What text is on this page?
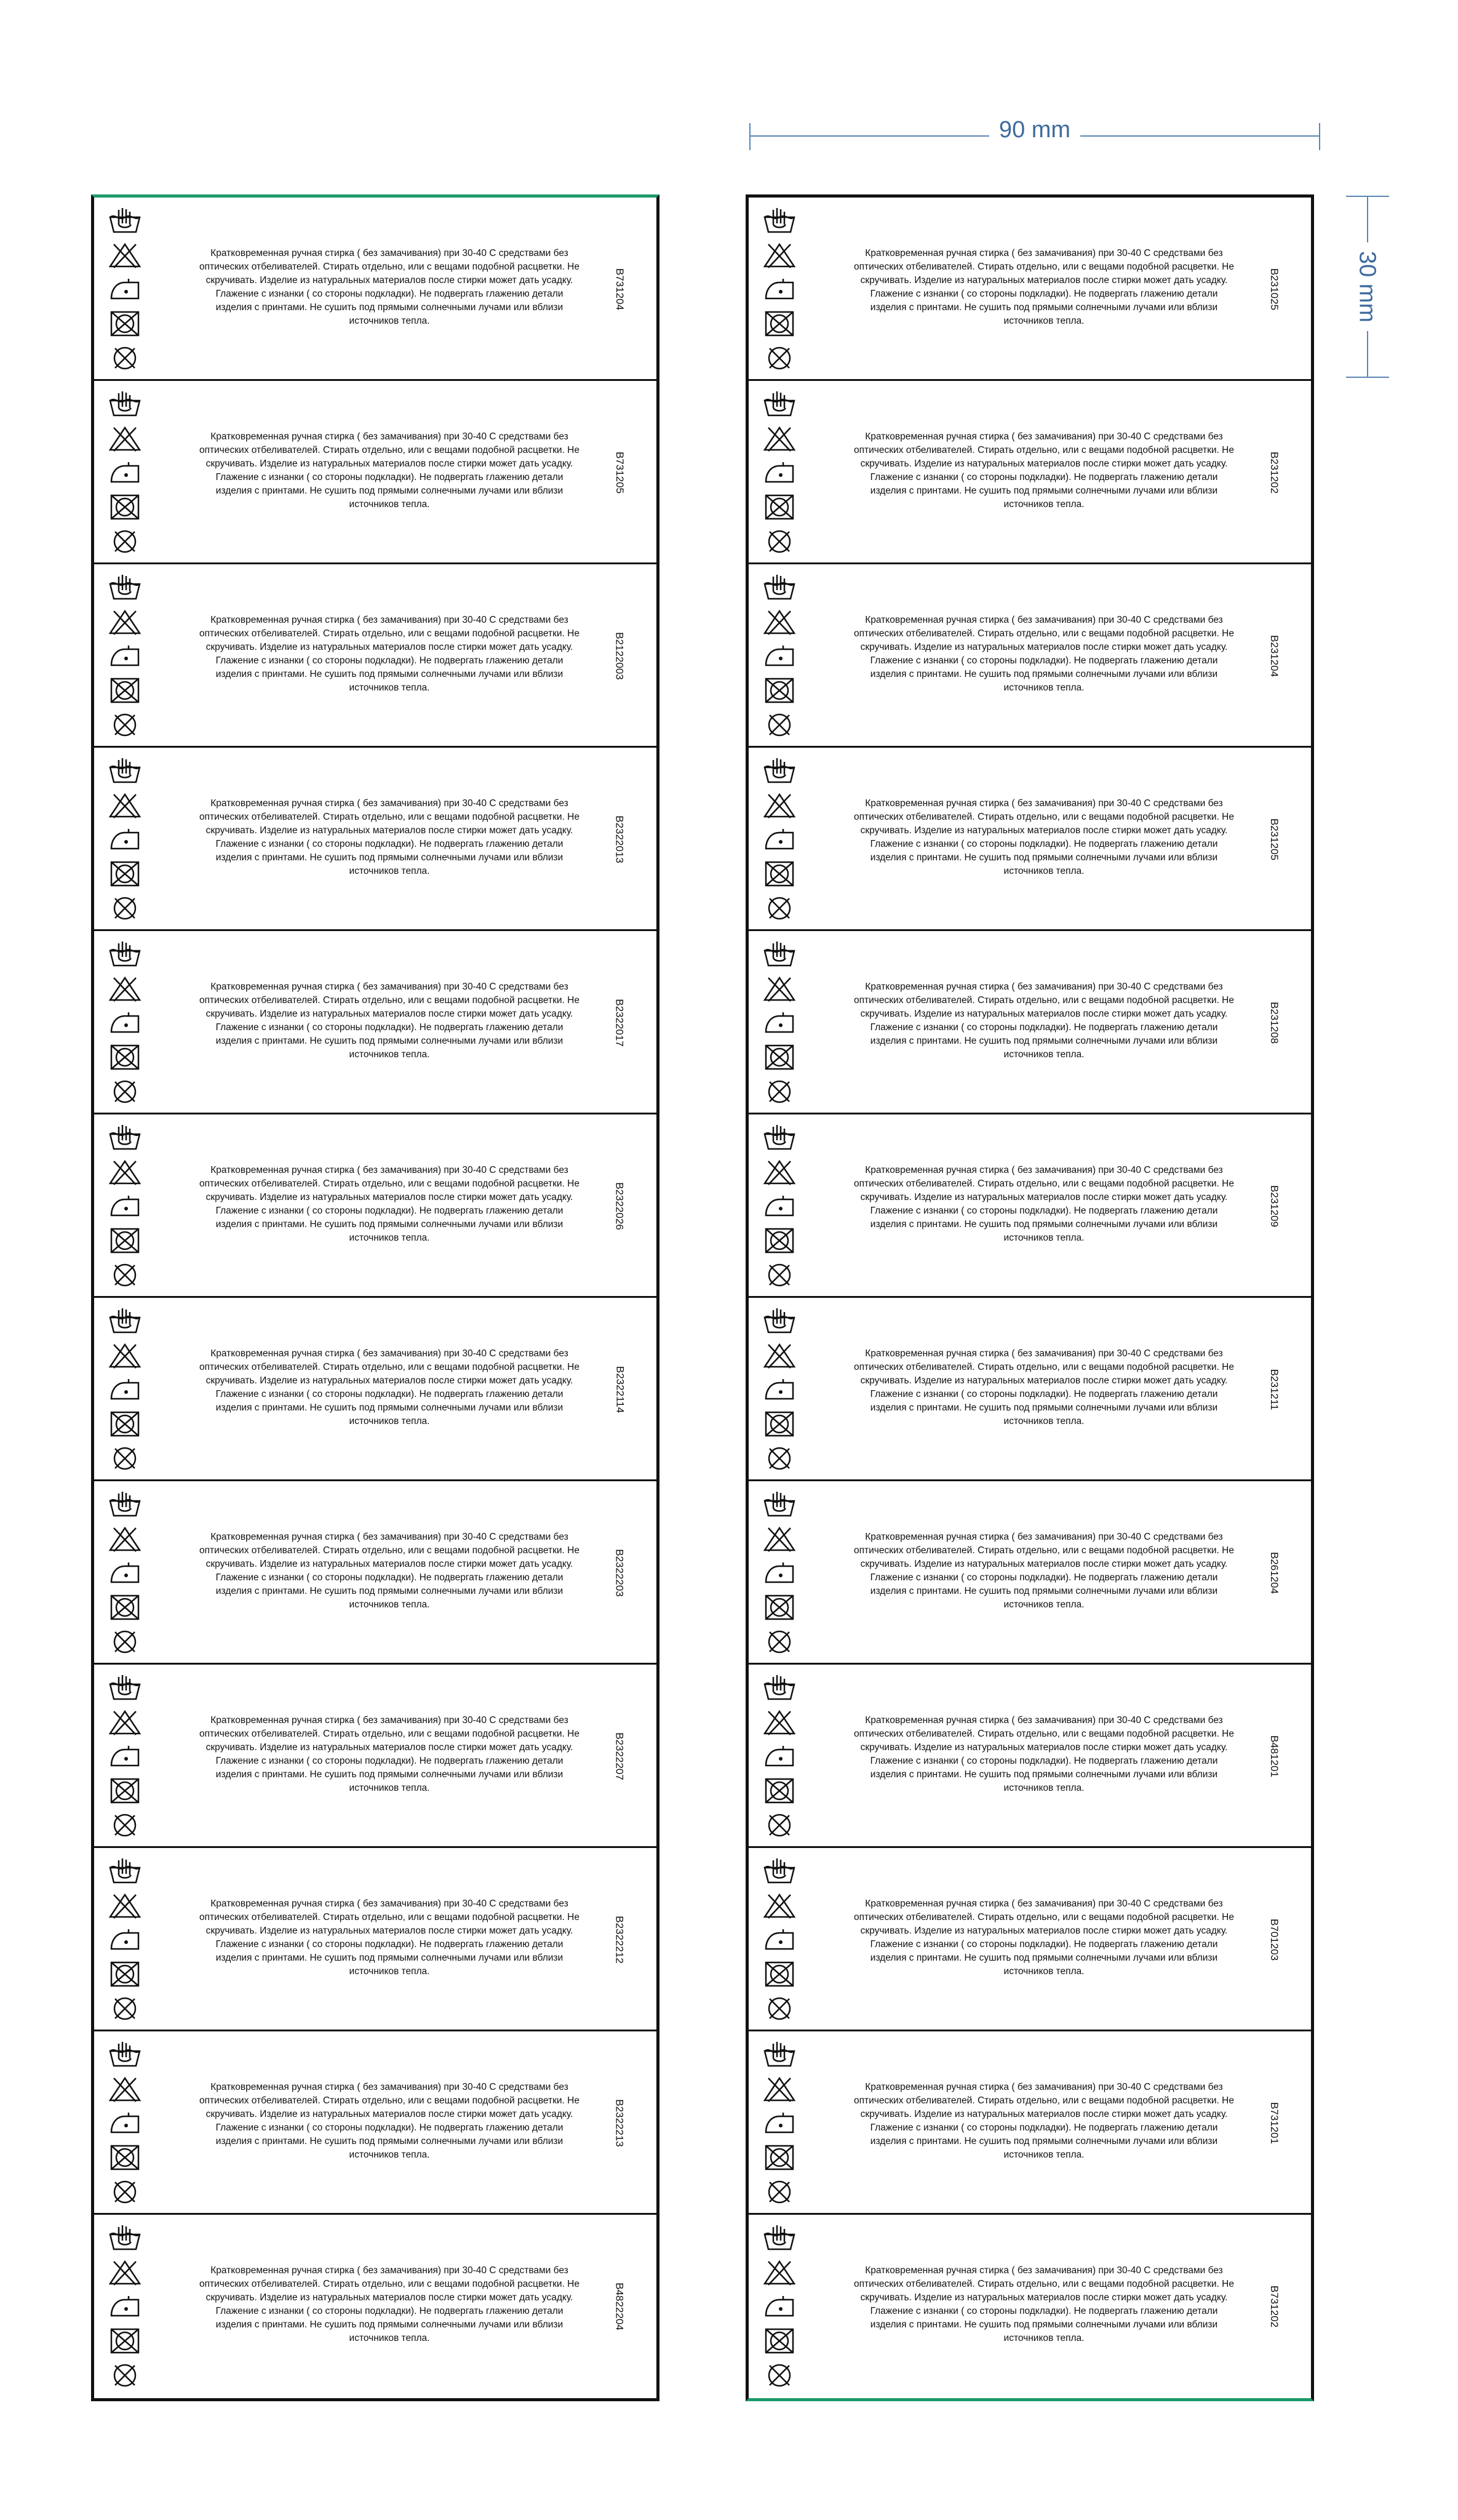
90 mm
30 mm
Кратковременная ручная стирка ( без замачивания) при 30-40 С средствами без оптических отбеливателей. Стирать отдельно, или с вещами подобной расцветки. Не скручивать. Изделие из натуральных материалов после стирки может дать усадку. Глажение с изнанки ( со стороны подкладки). Не подвергать глажению детали изделия с принтами. Не сушить под прямыми солнечными лучами или вблизи источников тепла.
B731204
Кратковременная ручная стирка ( без замачивания) при 30-40 С средствами без оптических отбеливателей. Стирать отдельно, или с вещами подобной расцветки. Не скручивать. Изделие из натуральных материалов после стирки может дать усадку. Глажение с изнанки ( со стороны подкладки). Не подвергать глажению детали изделия с принтами. Не сушить под прямыми солнечными лучами или вблизи источников тепла.
B731205
Кратковременная ручная стирка ( без замачивания) при 30-40 С средствами без оптических отбеливателей. Стирать отдельно, или с вещами подобной расцветки. Не скручивать. Изделие из натуральных материалов после стирки может дать усадку. Глажение с изнанки ( со стороны подкладки). Не подвергать глажению детали изделия с принтами. Не сушить под прямыми солнечными лучами или вблизи источников тепла.
B2122003
Кратковременная ручная стирка ( без замачивания) при 30-40 С средствами без оптических отбеливателей. Стирать отдельно, или с вещами подобной расцветки. Не скручивать. Изделие из натуральных материалов после стирки может дать усадку. Глажение с изнанки ( со стороны подкладки). Не подвергать глажению детали изделия с принтами. Не сушить под прямыми солнечными лучами или вблизи источников тепла.
B2322013
Кратковременная ручная стирка ( без замачивания) при 30-40 С средствами без оптических отбеливателей. Стирать отдельно, или с вещами подобной расцветки. Не скручивать. Изделие из натуральных материалов после стирки может дать усадку. Глажение с изнанки ( со стороны подкладки). Не подвергать глажению детали изделия с принтами. Не сушить под прямыми солнечными лучами или вблизи источников тепла.
B2322017
Кратковременная ручная стирка ( без замачивания) при 30-40 С средствами без оптических отбеливателей. Стирать отдельно, или с вещами подобной расцветки. Не скручивать. Изделие из натуральных материалов после стирки может дать усадку. Глажение с изнанки ( со стороны подкладки). Не подвергать глажению детали изделия с принтами. Не сушить под прямыми солнечными лучами или вблизи источников тепла.
B2322026
Кратковременная ручная стирка ( без замачивания) при 30-40 С средствами без оптических отбеливателей. Стирать отдельно, или с вещами подобной расцветки. Не скручивать. Изделие из натуральных материалов после стирки может дать усадку. Глажение с изнанки ( со стороны подкладки). Не подвергать глажению детали изделия с принтами. Не сушить под прямыми солнечными лучами или вблизи источников тепла.
B2322114
Кратковременная ручная стирка ( без замачивания) при 30-40 С средствами без оптических отбеливателей. Стирать отдельно, или с вещами подобной расцветки. Не скручивать. Изделие из натуральных материалов после стирки может дать усадку. Глажение с изнанки ( со стороны подкладки). Не подвергать глажению детали изделия с принтами. Не сушить под прямыми солнечными лучами или вблизи источников тепла.
B2322203
Кратковременная ручная стирка ( без замачивания) при 30-40 С средствами без оптических отбеливателей. Стирать отдельно, или с вещами подобной расцветки. Не скручивать. Изделие из натуральных материалов после стирки может дать усадку. Глажение с изнанки ( со стороны подкладки). Не подвергать глажению детали изделия с принтами. Не сушить под прямыми солнечными лучами или вблизи источников тепла.
B2322207
Кратковременная ручная стирка ( без замачивания) при 30-40 С средствами без оптических отбеливателей. Стирать отдельно, или с вещами подобной расцветки. Не скручивать. Изделие из натуральных материалов после стирки может дать усадку. Глажение с изнанки ( со стороны подкладки). Не подвергать глажению детали изделия с принтами. Не сушить под прямыми солнечными лучами или вблизи источников тепла.
B2322212
Кратковременная ручная стирка ( без замачивания) при 30-40 С средствами без оптических отбеливателей. Стирать отдельно, или с вещами подобной расцветки. Не скручивать. Изделие из натуральных материалов после стирки может дать усадку. Глажение с изнанки ( со стороны подкладки). Не подвергать глажению детали изделия с принтами. Не сушить под прямыми солнечными лучами или вблизи источников тепла.
B2322213
Кратковременная ручная стирка ( без замачивания) при 30-40 С средствами без оптических отбеливателей. Стирать отдельно, или с вещами подобной расцветки. Не скручивать. Изделие из натуральных материалов после стирки может дать усадку. Глажение с изнанки ( со стороны подкладки). Не подвергать глажению детали изделия с принтами. Не сушить под прямыми солнечными лучами или вблизи источников тепла.
B4822204
Кратковременная ручная стирка ( без замачивания) при 30-40 С средствами без оптических отбеливателей. Стирать отдельно, или с вещами подобной расцветки. Не скручивать. Изделие из натуральных материалов после стирки может дать усадку. Глажение с изнанки ( со стороны подкладки). Не подвергать глажению детали изделия с принтами. Не сушить под прямыми солнечными лучами или вблизи источников тепла.
B231025
Кратковременная ручная стирка ( без замачивания) при 30-40 С средствами без оптических отбеливателей. Стирать отдельно, или с вещами подобной расцветки. Не скручивать. Изделие из натуральных материалов после стирки может дать усадку. Глажение с изнанки ( со стороны подкладки). Не подвергать глажению детали изделия с принтами. Не сушить под прямыми солнечными лучами или вблизи источников тепла.
B231202
Кратковременная ручная стирка ( без замачивания) при 30-40 С средствами без оптических отбеливателей. Стирать отдельно, или с вещами подобной расцветки. Не скручивать. Изделие из натуральных материалов после стирки может дать усадку. Глажение с изнанки ( со стороны подкладки). Не подвергать глажению детали изделия с принтами. Не сушить под прямыми солнечными лучами или вблизи источников тепла.
B231204
Кратковременная ручная стирка ( без замачивания) при 30-40 С средствами без оптических отбеливателей. Стирать отдельно, или с вещами подобной расцветки. Не скручивать. Изделие из натуральных материалов после стирки может дать усадку. Глажение с изнанки ( со стороны подкладки). Не подвергать глажению детали изделия с принтами. Не сушить под прямыми солнечными лучами или вблизи источников тепла.
B231205
Кратковременная ручная стирка ( без замачивания) при 30-40 С средствами без оптических отбеливателей. Стирать отдельно, или с вещами подобной расцветки. Не скручивать. Изделие из натуральных материалов после стирки может дать усадку. Глажение с изнанки ( со стороны подкладки). Не подвергать глажению детали изделия с принтами. Не сушить под прямыми солнечными лучами или вблизи источников тепла.
B231208
Кратковременная ручная стирка ( без замачивания) при 30-40 С средствами без оптических отбеливателей. Стирать отдельно, или с вещами подобной расцветки. Не скручивать. Изделие из натуральных материалов после стирки может дать усадку. Глажение с изнанки ( со стороны подкладки). Не подвергать глажению детали изделия с принтами. Не сушить под прямыми солнечными лучами или вблизи источников тепла.
B231209
Кратковременная ручная стирка ( без замачивания) при 30-40 С средствами без оптических отбеливателей. Стирать отдельно, или с вещами подобной расцветки. Не скручивать. Изделие из натуральных материалов после стирки может дать усадку. Глажение с изнанки ( со стороны подкладки). Не подвергать глажению детали изделия с принтами. Не сушить под прямыми солнечными лучами или вблизи источников тепла.
B231211
Кратковременная ручная стирка ( без замачивания) при 30-40 С средствами без оптических отбеливателей. Стирать отдельно, или с вещами подобной расцветки. Не скручивать. Изделие из натуральных материалов после стирки может дать усадку. Глажение с изнанки ( со стороны подкладки). Не подвергать глажению детали изделия с принтами. Не сушить под прямыми солнечными лучами или вблизи источников тепла.
B261204
Кратковременная ручная стирка ( без замачивания) при 30-40 С средствами без оптических отбеливателей. Стирать отдельно, или с вещами подобной расцветки. Не скручивать. Изделие из натуральных материалов после стирки может дать усадку. Глажение с изнанки ( со стороны подкладки). Не подвергать глажению детали изделия с принтами. Не сушить под прямыми солнечными лучами или вблизи источников тепла.
B481201
Кратковременная ручная стирка ( без замачивания) при 30-40 С средствами без оптических отбеливателей. Стирать отдельно, или с вещами подобной расцветки. Не скручивать. Изделие из натуральных материалов после стирки может дать усадку. Глажение с изнанки ( со стороны подкладки). Не подвергать глажению детали изделия с принтами. Не сушить под прямыми солнечными лучами или вблизи источников тепла.
B701203
Кратковременная ручная стирка ( без замачивания) при 30-40 С средствами без оптических отбеливателей. Стирать отдельно, или с вещами подобной расцветки. Не скручивать. Изделие из натуральных материалов после стирки может дать усадку. Глажение с изнанки ( со стороны подкладки). Не подвергать глажению детали изделия с принтами. Не сушить под прямыми солнечными лучами или вблизи источников тепла.
B731201
Кратковременная ручная стирка ( без замачивания) при 30-40 С средствами без оптических отбеливателей. Стирать отдельно, или с вещами подобной расцветки. Не скручивать. Изделие из натуральных материалов после стирки может дать усадку. Глажение с изнанки ( со стороны подкладки). Не подвергать глажению детали изделия с принтами. Не сушить под прямыми солнечными лучами или вблизи источников тепла.
B731202
